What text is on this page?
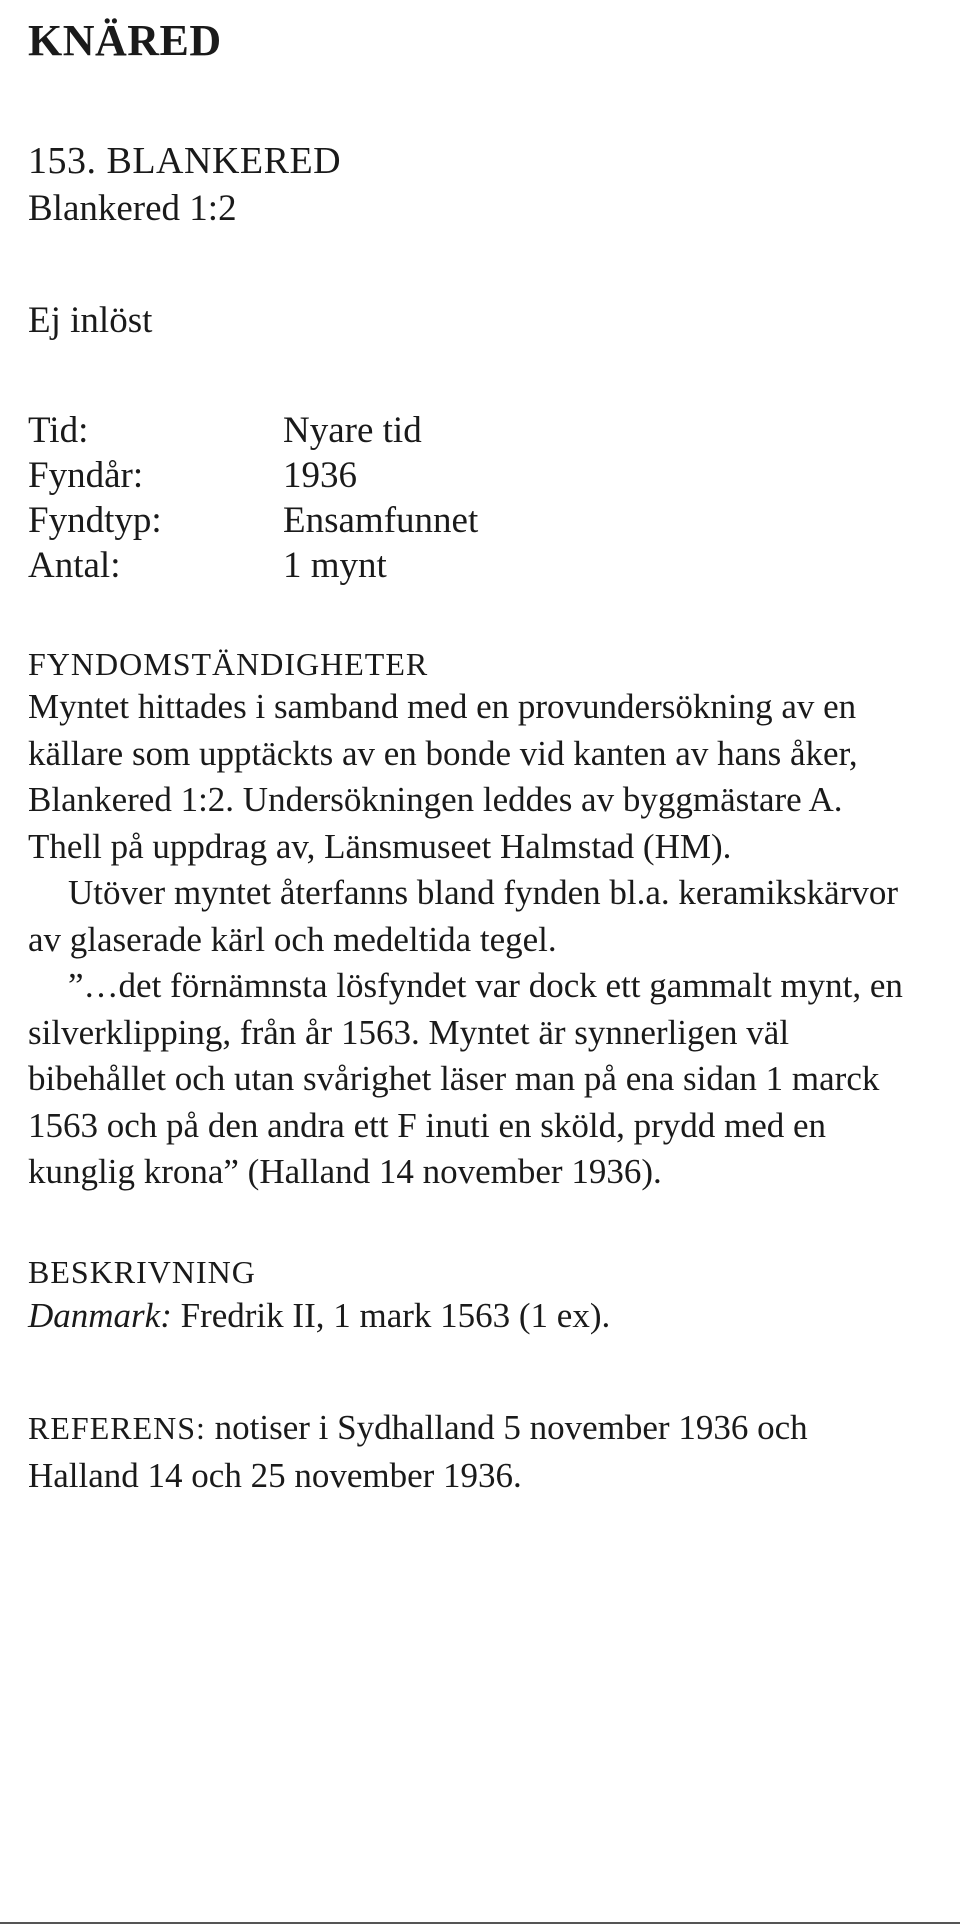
KNÄRED
153. BLANKERED
Blankered 1:2
Ej inlöst
Tid:	Nyare tid
Fyndår:	1936
Fyndtyp:	Ensamfunnet
Antal:	1 mynt
FYNDOMSTÄNDIGHETER

Myntet hittades i samband med en provundersökning av en källare som upptäckts av en bonde vid kanten av hans åker, Blankered 1:2. Undersökningen leddes av byggmästare A. Thell på uppdrag av, Länsmuseet Halmstad (HM).

Utöver myntet återfanns bland fynden bl.a. keramikskärvor av glaserade kärl och medeltida tegel.

”…det förnämnsta lösfyndet var dock ett gammalt mynt, en silverklipping, från år 1563. Myntet är synnerligen väl bibehållet och utan svårighet läser man på ena sidan 1 marck 1563 och på den andra ett F inuti en sköld, prydd med en kunglig krona” (Halland 14 november 1936).

BESKRIVNING
Danmark: Fredrik II, 1 mark 1563 (1 ex).
REFERENS: notiser i Sydhalland 5 november 1936 och Halland 14 och 25 november 1936.
